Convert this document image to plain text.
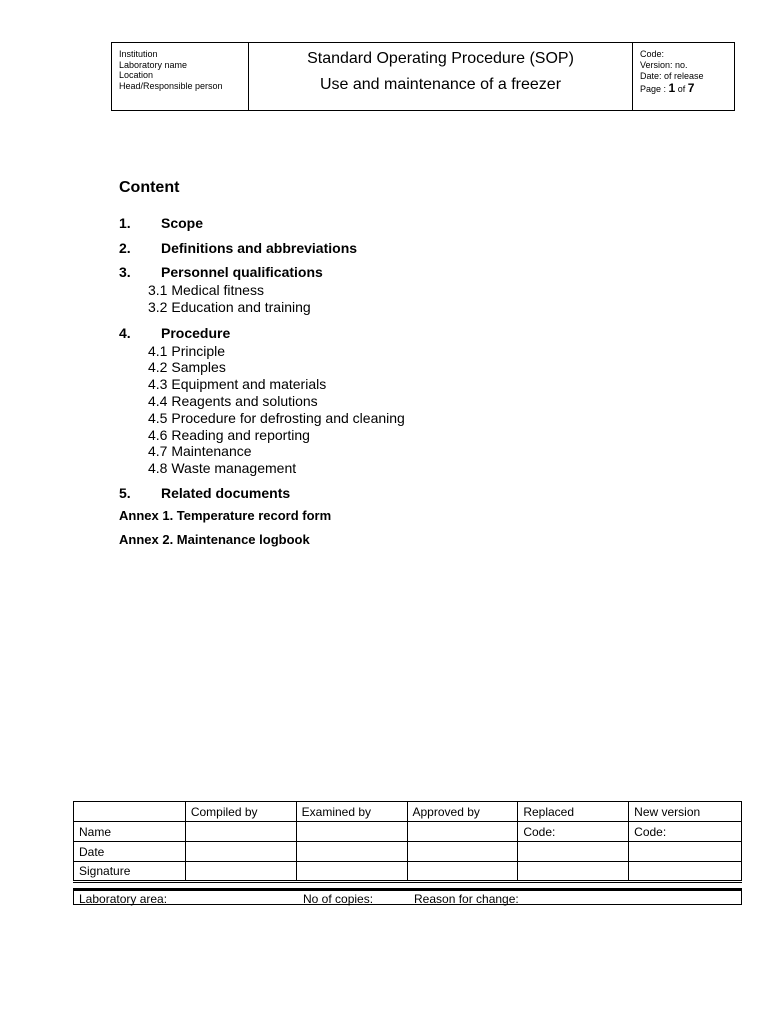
Institution
Laboratory name
Location
Head/Responsible person
Standard Operating Procedure (SOP)
Use and maintenance of a freezer
Code:
Version: no.
Date: of release
Page : 1 of 7
Content
1.	Scope
2.	Definitions and abbreviations
3.	Personnel qualifications
3.1 Medical fitness
3.2 Education and training
4.	Procedure
4.1 Principle
4.2 Samples
4.3 Equipment and materials
4.4 Reagents and solutions
4.5 Procedure for defrosting and cleaning
4.6 Reading and reporting
4.7 Maintenance
4.8 Waste management
5.	Related documents
Annex 1. Temperature record form
Annex 2. Maintenance logbook
	Compiled by	Examined by	Approved by	Replaced	New version
Name				Code:	Code:
Date					
Signature					
Laboratory area:	No of copies:	Reason for change:
